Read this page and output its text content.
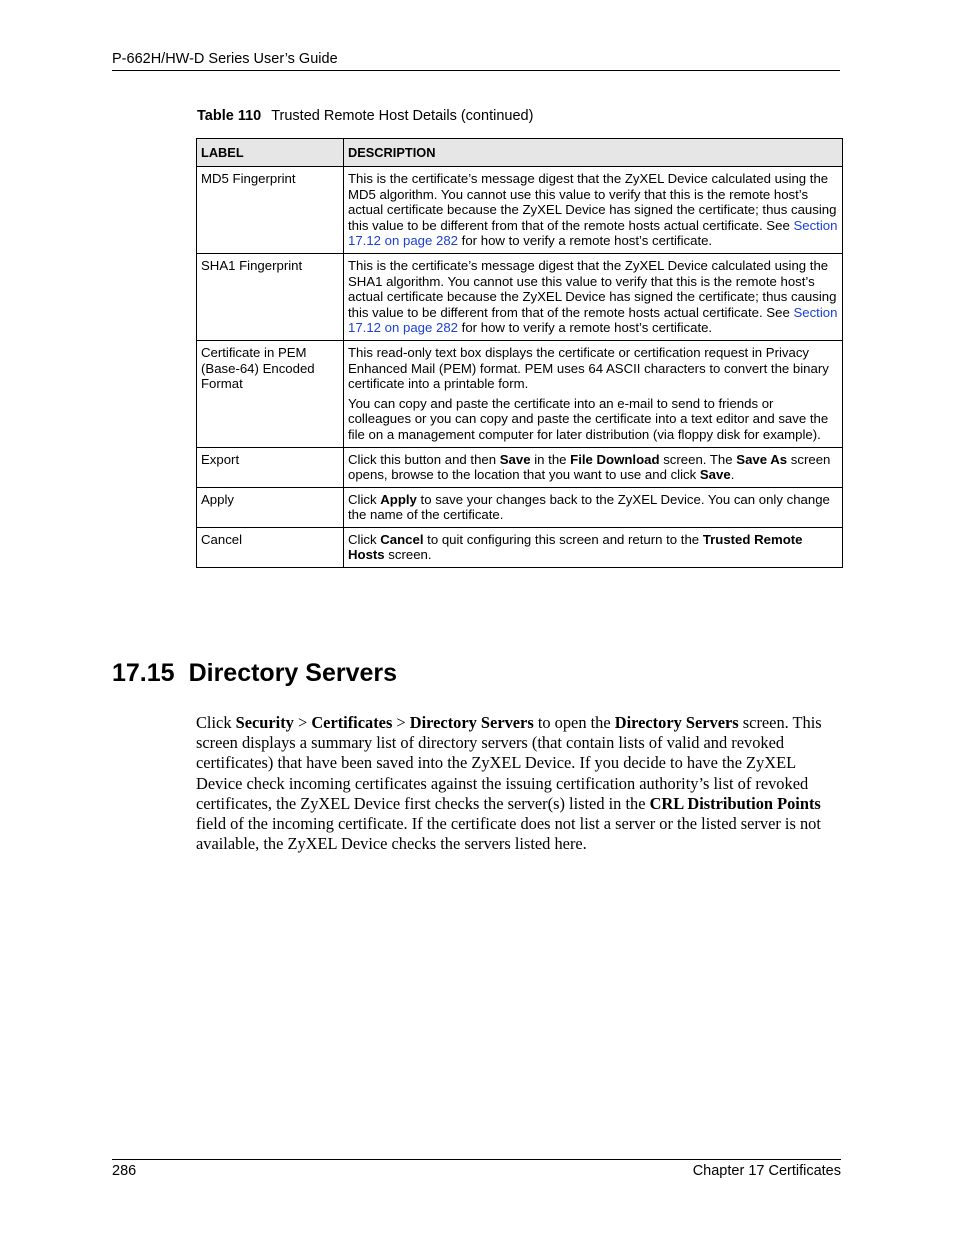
P-662H/HW-D Series User’s Guide
Table 110 Trusted Remote Host Details (continued)
LABEL	DESCRIPTION
MD5 Fingerprint	This is the certificate’s message digest that the ZyXEL Device calculated using the MD5 algorithm. You cannot use this value to verify that this is the remote host’s actual certificate because the ZyXEL Device has signed the certificate; thus causing this value to be different from that of the remote hosts actual certificate. See Section 17.12 on page 282 for how to verify a remote host’s certificate.
SHA1 Fingerprint	This is the certificate’s message digest that the ZyXEL Device calculated using the SHA1 algorithm. You cannot use this value to verify that this is the remote host’s actual certificate because the ZyXEL Device has signed the certificate; thus causing this value to be different from that of the remote hosts actual certificate. See Section 17.12 on page 282 for how to verify a remote host’s certificate.
Certificate in PEM (Base-64) Encoded Format	This read-only text box displays the certificate or certification request in Privacy Enhanced Mail (PEM) format. PEM uses 64 ASCII characters to convert the binary certificate into a printable form.

You can copy and paste the certificate into an e-mail to send to friends or colleagues or you can copy and paste the certificate into a text editor and save the file on a management computer for later distribution (via floppy disk for example).

Export	Click this button and then Save in the File Download screen. The Save As screen opens, browse to the location that you want to use and click Save.
Apply	Click Apply to save your changes back to the ZyXEL Device. You can only change the name of the certificate.
Cancel	Click Cancel to quit configuring this screen and return to the Trusted Remote Hosts screen.
17.15 Directory Servers
Click Security > Certificates > Directory Servers to open the Directory Servers screen. This screen displays a summary list of directory servers (that contain lists of valid and revoked certificates) that have been saved into the ZyXEL Device. If you decide to have the ZyXEL Device check incoming certificates against the issuing certification authority’s list of revoked certificates, the ZyXEL Device first checks the server(s) listed in the CRL Distribution Points field of the incoming certificate. If the certificate does not list a server or the listed server is not available, the ZyXEL Device checks the servers listed here.
286	Chapter 17 Certificates
